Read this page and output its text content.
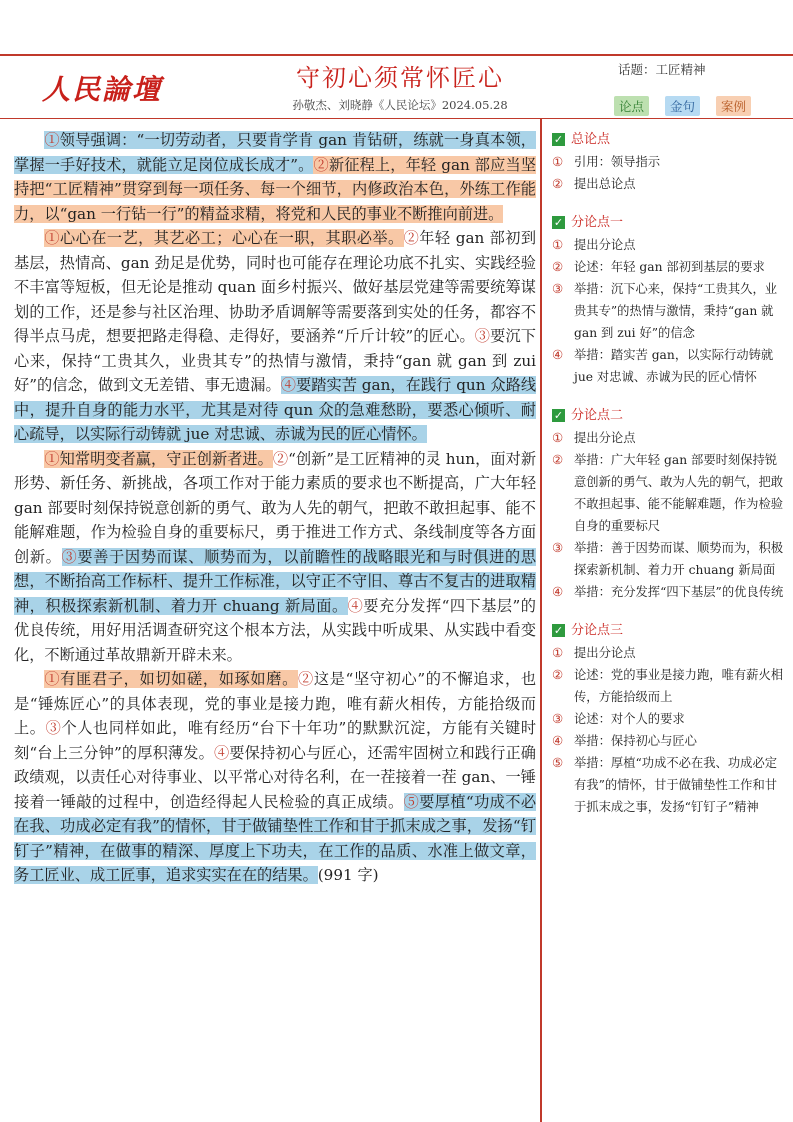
人民論壇	守初心须常怀匠心
孙敬杰、刘晓静《人民论坛》2024.05.28
话题：工匠精神
论点	金句	案例

①领导强调：“一切劳动者，只要肯学肯 gan 肯钻研，练就一身真本领，掌握一手好技术，就能立足岗位成长成才”。②新征程上，年轻 gan 部应当坚持把“工匠精神”贯穿到每一项任务、每一个细节，内修政治本色，外练工作能力，以“gan 一行钻一行”的精益求精，将党和人民的事业不断推向前进。

①心心在一艺，其艺必工；心心在一职，其职必举。②年轻 gan 部初到基层，热情高、gan 劲足是优势，同时也可能存在理论功底不扎实、实践经验不丰富等短板，但无论是推动 quan 面乡村振兴、做好基层党建等需要统筹谋划的工作，还是参与社区治理、协助矛盾调解等需要落到实处的任务，都容不得半点马虎，想要把路走得稳、走得好，要涵养“斤斤计较”的匠心。③要沉下心来，保持“工贵其久，业贵其专”的热情与激情，秉持“gan 就 gan 到 zui 好”的信念，做到文无差错、事无遗漏。④要踏实苦 gan，在践行 qun 众路线中，提升自身的能力水平，尤其是对待 qun 众的急难愁盼，要悉心倾听、耐心疏导，以实际行动铸就 jue 对忠诚、赤诚为民的匠心情怀。

①知常明变者赢，守正创新者进。②“创新”是工匠精神的灵 hun，面对新形势、新任务、新挑战，各项工作对于能力素质的要求也不断提高，广大年轻 gan 部要时刻保持锐意创新的勇气、敢为人先的朝气，把敢不敢担起事、能不能解难题，作为检验自身的重要标尺，勇于推进工作方式、条线制度等各方面创新。③要善于因势而谋、顺势而为，以前瞻性的战略眼光和与时俱进的思想，不断抬高工作标杆、提升工作标准，以守正不守旧、尊古不复古的进取精神，积极探索新机制、着力开 chuang 新局面。④要充分发挥“四下基层”的优良传统，用好用活调查研究这个根本方法，从实践中听成果、从实践中看变化，不断通过革故鼎新开辟未来。

①有匪君子，如切如磋，如琢如磨。②这是“坚守初心”的不懈追求，也是“锤炼匠心”的具体表现，党的事业是接力跑，唯有薪火相传，方能拾级而上。③个人也同样如此，唯有经历“台下十年功”的默默沉淀，方能有关键时刻“台上三分钟”的厚积薄发。④要保持初心与匠心，还需牢固树立和践行正确政绩观，以责任心对待事业、以平常心对待名利，在一茬接着一茬 gan、一锤接着一锤敲的过程中，创造经得起人民检验的真正成绩。⑤要厚植“功成不必在我、功成必定有我”的情怀，甘于做铺垫性工作和甘于抓末成之事，发扬“钉钉子”精神，在做事的精深、厚度上下功夫，在工作的品质、水准上做文章，务工匠业、成工匠事，追求实实在在的结果。(991 字)

✓ 总论点
① 引用：领导指示
② 提出总论点
✓ 分论点一
① 提出分论点
② 论述：年轻 gan 部初到基层的要求
③ 举措：沉下心来，保持“工贵其久，业贵其专”的热情与激情，秉持“gan 就 gan 到 zui 好”的信念
④ 举措：踏实苦 gan，以实际行动铸就 jue 对忠诚、赤诚为民的匠心情怀
✓ 分论点二
① 提出分论点
② 举措：广大年轻 gan 部要时刻保持锐意创新的勇气、敢为人先的朝气，把敢不敢担起事、能不能解难题，作为检验自身的重要标尺
③ 举措：善于因势而谋、顺势而为，积极探索新机制、着力开 chuang 新局面
④ 举措：充分发挥“四下基层”的优良传统
✓ 分论点三
① 提出分论点
② 论述：党的事业是接力跑，唯有薪火相传，方能拾级而上
③ 论述：对个人的要求
④ 举措：保持初心与匠心
⑤ 举措：厚植“功成不必在我、功成必定有我”的情怀，甘于做铺垫性工作和甘于抓末成之事，发扬“钉钉子”精神
